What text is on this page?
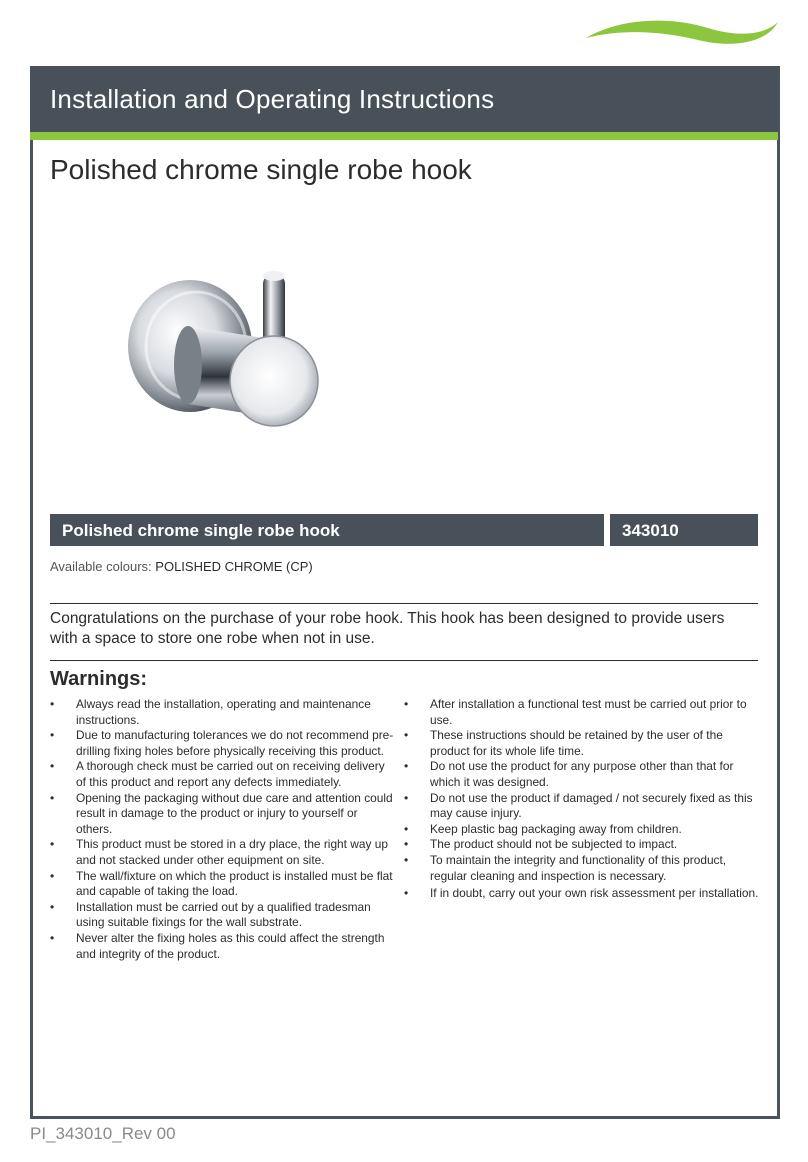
Installation and Operating Instructions
Polished chrome single robe hook
Polished chrome single robe hook	343010
Available colours: POLISHED CHROME (CP)

Congratulations on the purchase of your robe hook. This hook has been designed to provide users with a space to store one robe when not in use.

Warnings:
• Always read the installation, operating and maintenance instructions.
• Due to manufacturing tolerances we do not recommend pre-drilling fixing holes before physically receiving this product.
• A thorough check must be carried out on receiving delivery of this product and report any defects immediately.
• Opening the packaging without due care and attention could result in damage to the product or injury to yourself or others.
• This product must be stored in a dry place, the right way up and not stacked under other equipment on site.
• The wall/fixture on which the product is installed must be flat and capable of taking the load.
• Installation must be carried out by a qualified tradesman using suitable fixings for the wall substrate.
• Never alter the fixing holes as this could affect the strength and integrity of the product.
• After installation a functional test must be carried out prior to use.
• These instructions should be retained by the user of the product for its whole life time.
• Do not use the product for any purpose other than that for which it was designed.
• Do not use the product if damaged / not securely fixed as this may cause injury.
• Keep plastic bag packaging away from children.
• The product should not be subjected to impact.
• To maintain the integrity and functionality of this product, regular cleaning and inspection is necessary.
• If in doubt, carry out your own risk assessment per installation.
PI_343010_Rev 00
